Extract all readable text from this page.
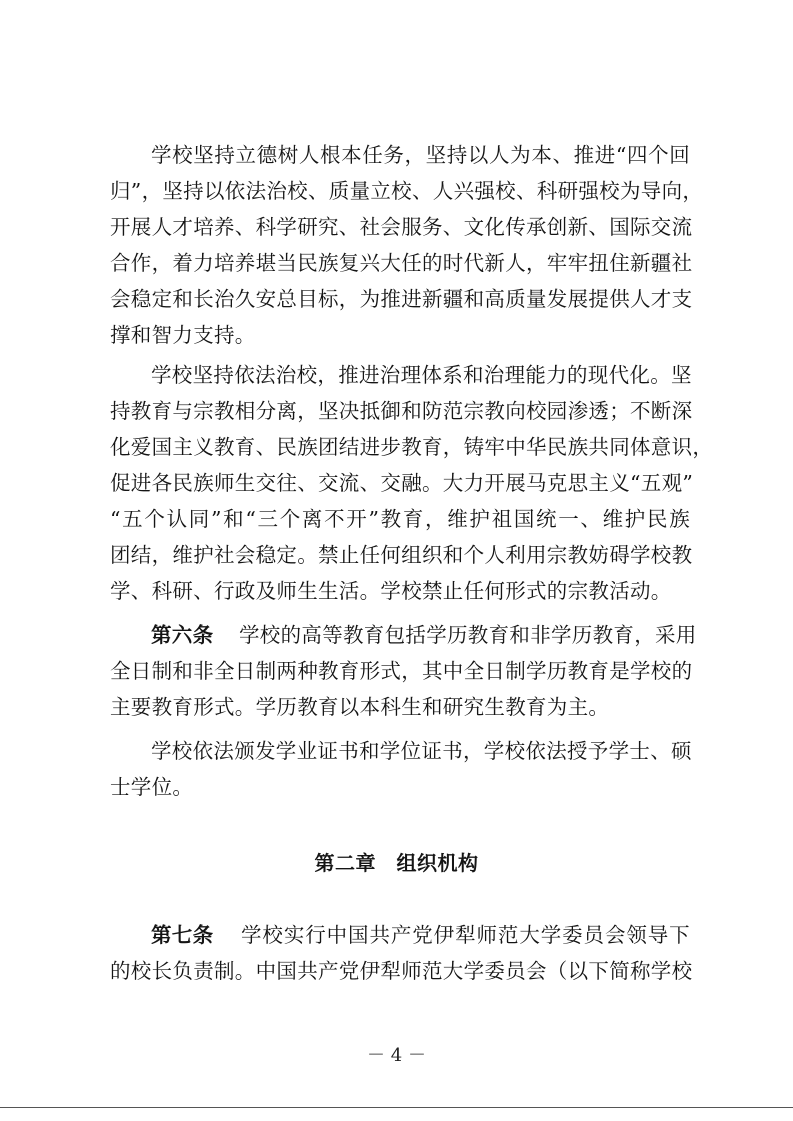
学校坚持立德树人根本任务，坚持以人为本、推进“四个回
归”，坚持以依法治校、质量立校、人兴强校、科研强校为导向，
开展人才培养、科学研究、社会服务、文化传承创新、国际交流
合作，着力培养堪当民族复兴大任的时代新人，牢牢扭住新疆社
会稳定和长治久安总目标，为推进新疆和高质量发展提供人才支
撑和智力支持。
学校坚持依法治校，推进治理体系和治理能力的现代化。坚
持教育与宗教相分离，坚决抵御和防范宗教向校园渗透；不断深
化爱国主义教育、民族团结进步教育，铸牢中华民族共同体意识，
促进各民族师生交往、交流、交融。大力开展马克思主义“五观”
“五个认同”和“三个离不开”教育，维护祖国统一、维护民族
团结，维护社会稳定。禁止任何组织和个人利用宗教妨碍学校教
学、科研、行政及师生生活。学校禁止任何形式的宗教活动。
第六条	学校的高等教育包括学历教育和非学历教育，采用
全日制和非全日制两种教育形式，其中全日制学历教育是学校的
主要教育形式。学历教育以本科生和研究生教育为主。
学校依法颁发学业证书和学位证书，学校依法授予学士、硕
士学位。
第二章　组织机构
第七条	学校实行中国共产党伊犁师范大学委员会领导下
的校长负责制。中国共产党伊犁师范大学委员会（以下简称学校
－ 4 －
